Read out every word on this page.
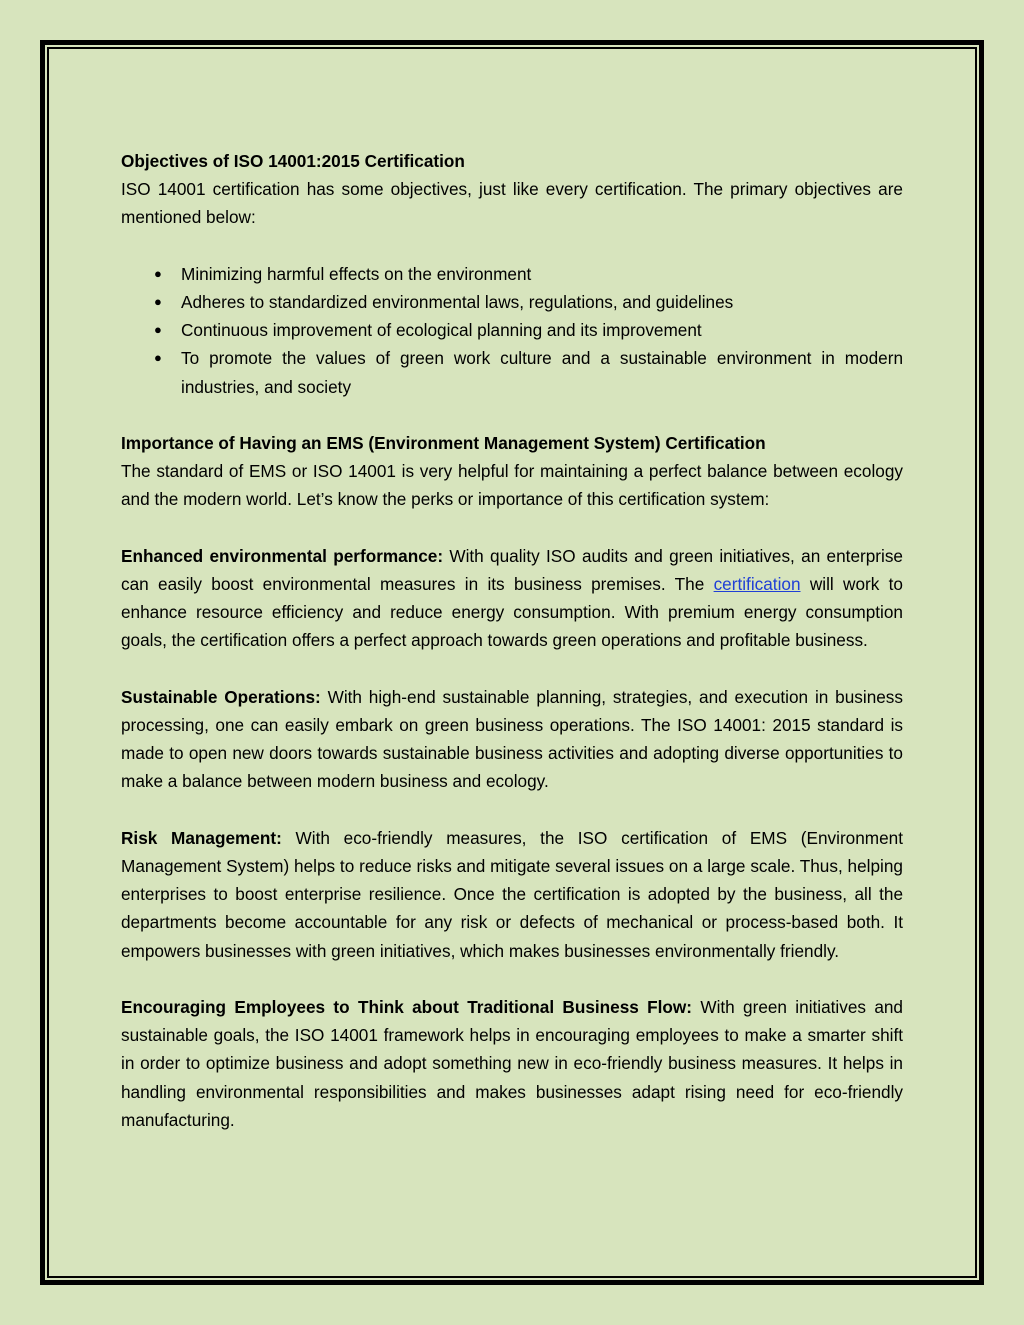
Objectives of ISO 14001:2015 Certification

ISO 14001 certification has some objectives, just like every certification. The primary objectives are mentioned below:

● Minimizing harmful effects on the environment
● Adheres to standardized environmental laws, regulations, and guidelines
● Continuous improvement of ecological planning and its improvement
● To promote the values of green work culture and a sustainable environment in modern industries, and society

Importance of Having an EMS (Environment Management System) Certification

The standard of EMS or ISO 14001 is very helpful for maintaining a perfect balance between ecology and the modern world. Let’s know the perks or importance of this certification system:

Enhanced environmental performance: With quality ISO audits and green initiatives, an enterprise can easily boost environmental measures in its business premises. The certification will work to enhance resource efficiency and reduce energy consumption. With premium energy consumption goals, the certification offers a perfect approach towards green operations and profitable business.

Sustainable Operations: With high-end sustainable planning, strategies, and execution in business processing, one can easily embark on green business operations. The ISO 14001: 2015 standard is made to open new doors towards sustainable business activities and adopting diverse opportunities to make a balance between modern business and ecology.

Risk Management: With eco-friendly measures, the ISO certification of EMS (Environment Management System) helps to reduce risks and mitigate several issues on a large scale. Thus, helping enterprises to boost enterprise resilience. Once the certification is adopted by the business, all the departments become accountable for any risk or defects of mechanical or process-based both. It empowers businesses with green initiatives, which makes businesses environmentally friendly.

Encouraging Employees to Think about Traditional Business Flow: With green initiatives and sustainable goals, the ISO 14001 framework helps in encouraging employees to make a smarter shift in order to optimize business and adopt something new in eco-friendly business measures. It helps in handling environmental responsibilities and makes businesses adapt rising need for eco-friendly manufacturing.
